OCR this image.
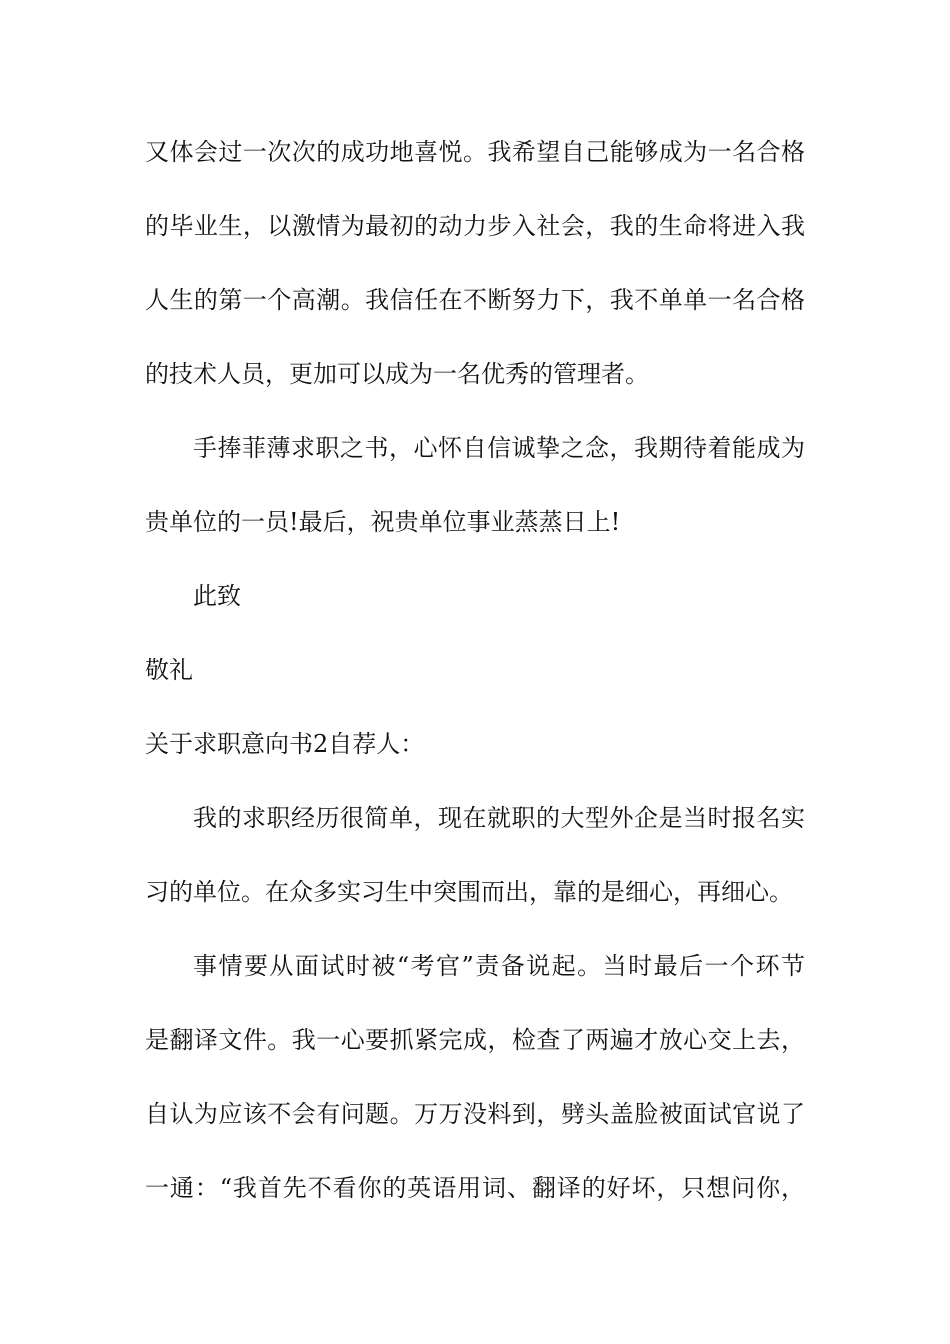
又体会过一次次的成功地喜悦。我希望自己能够成为一名合格
的毕业生，以激情为最初的动力步入社会，我的生命将进入我
人生的第一个高潮。我信任在不断努力下，我不单单一名合格
的技术人员，更加可以成为一名优秀的管理者。
手捧菲薄求职之书，心怀自信诚挚之念，我期待着能成为
贵单位的一员!最后，祝贵单位事业蒸蒸日上!
此致
敬礼
关于求职意向书2自荐人：
我的求职经历很简单，现在就职的大型外企是当时报名实
习的单位。在众多实习生中突围而出，靠的是细心，再细心。
事情要从面试时被“考官”责备说起。当时最后一个环节
是翻译文件。我一心要抓紧完成，检查了两遍才放心交上去，
自认为应该不会有问题。万万没料到，劈头盖脸被面试官说了
一通：“我首先不看你的英语用词、翻译的好坏，只想问你，
